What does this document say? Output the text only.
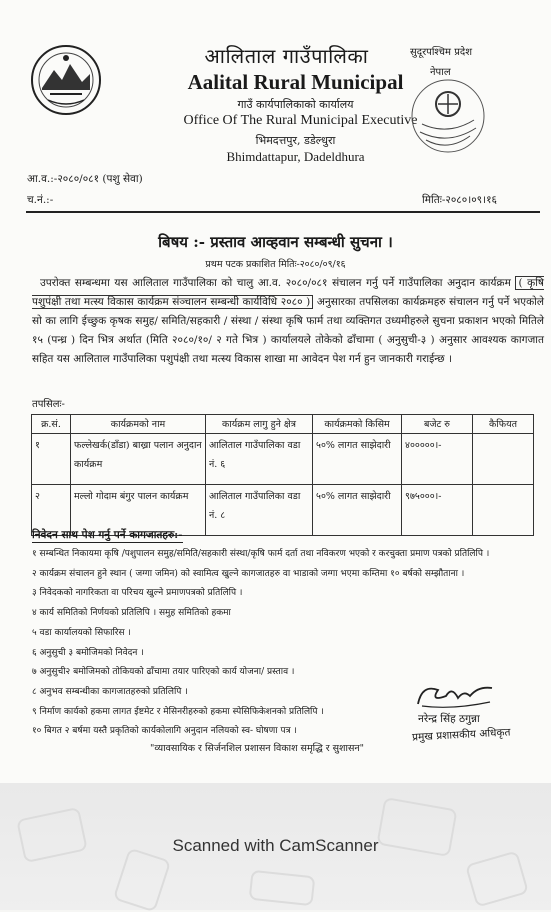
आलिताल गाउँपालिका
Aalital Rural Municipal
गाउँ कार्यपालिकाको कार्यालय
Office Of The Rural Municipal Executive
भिमदत्तपुर, डडेल्धुरा
Bhimdattapur, Dadeldhura
सुदूरपश्चिम प्रदेश
नेपाल
आ.व.:-२०८०/०८१ (पशु सेवा)
च.नं.:-	मितिः-२०८०।०९।१६
बिषय :- प्रस्ताव आव्हवान सम्बन्धी सुचना ।
प्रथम पटक प्रकाशित मितिः-२०८०/०९/१६

उपरोक्त सम्बन्धमा यस आलिताल गाउँपालिका को चालु आ.व. २०८०/०८१ संचालन गर्नु पर्ने गाउँपालिका अनुदान कार्यक्रम ( कृषि पशुपंक्षी तथा मत्स्य विकास कार्यक्रम संञ्चालन सम्बन्धी कार्यविधि २०८० ) अनुसारका तपसिलका कार्यक्रमहरु संचालन गर्नु पर्ने भएकोले सो का लागि ईच्छुक कृषक समुह/ समिति/सहकारी / संस्था / संस्था कृषि फार्म तथा व्यक्तिगत उध्यमीहरुले सुचना प्रकाशन भएको मितिले १५ (पन्ध्र ) दिन भित्र अर्थात (मिति २०८०/१०/ २ गते भित्र ) कार्यालयले तोकेको ढाँचामा ( अनुसुची-३ ) अनुसार आवश्यक कागजात सहित यस आलिताल गाउँपालिका पशुपंक्षी तथा मत्स्य विकास शाखा मा आवेदन पेश गर्न हुन जानकारी गराईन्छ ।

तपसिलः-
क्र.सं.	कार्यक्रमको नाम	कार्यक्रम लागु हुने क्षेत्र	कार्यक्रमको किसिम	बजेट रु	कैफियत
१	फल्लेखर्क(डाँडा) बाख्रा पलान अनुदान कार्यक्रम	आलिताल गाउँपालिका वडा नं. ६	५०% लागत साझेदारी	४०००००।-	
२	मल्लो गोदाम बंगुर पालन कार्यक्रम	आलिताल गाउँपालिका वडा नं. ८	५०% लागत साझेदारी	९७५०००।-	
निवेदन साथ पेश गर्नु पर्ने कागजातहरु:-
१ सम्बन्धित निकायमा कृषि /पशुपालन समुह/समिति/सहकारी संस्था/कृषि फार्म दर्ता तथा नविकरण भएको र करचुक्ता प्रमाण पत्रको प्रतिलिपि ।
२ कार्यक्रम संचालन हुने स्थान ( जग्गा जमिन) को स्वामित्व खुल्ने कागजातहरु वा भाडाको जग्गा भएमा कम्तिमा १० बर्षको सम्झौताना ।
३ निवेदकको नागरिकता वा परिचय खुल्ने प्रमाणपत्रको प्रतिलिपि ।
४ कार्य समितिको निर्णयको प्रतिलिपि । समुह समितिको हकमा
५ वडा कार्यालयको सिफारिस ।
६ अनुसुची ३ बमोजिमको निवेदन ।
७ अनुसुची२ बमोजिमको तोकियको ढाँचामा तयार पारिएको कार्य योजना/ प्रस्ताव ।
८ अनुभव सम्बन्धीका कागजातहरुको प्रतिलिपि ।
९ निर्माण कार्यको हकमा लागत ईष्टमेट र मेसिनरीहरुको हकमा स्पेसिफिकेशनको प्रतिलिपि ।
१० बिगत २ बर्षमा यस्तै प्रकृतिको कार्यकोलागि अनुदान नलियको स्व- घोषणा पत्र ।
नरेन्द्र सिंह ठगुन्ना
प्रमुख प्रशासकीय अधिकृत
"व्यावसायिक र सिर्जनशिल प्रशासन विकाश समृद्धि र सुशासन"
Scanned with CamScanner
